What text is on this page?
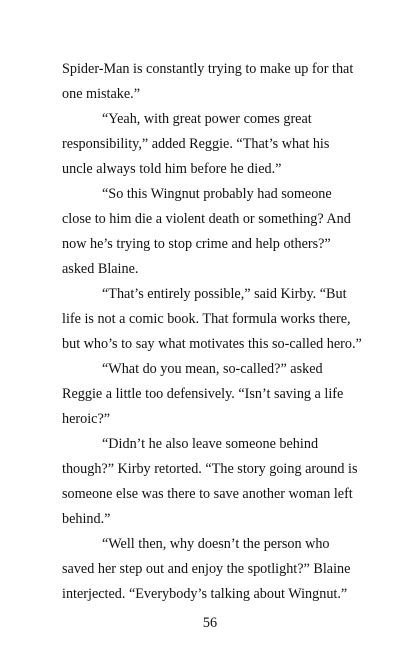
Spider-Man is constantly trying to make up for that one mistake.”

“Yeah, with great power comes great responsibility,” added Reggie. “That’s what his uncle always told him before he died.”

“So this Wingnut probably had someone close to him die a violent death or something? And now he’s trying to stop crime and help others?” asked Blaine.

“That’s entirely possible,” said Kirby. “But life is not a comic book. That formula works there, but who’s to say what motivates this so-called hero.”

“What do you mean, so-called?” asked Reggie a little too defensively. “Isn’t saving a life heroic?”

“Didn’t he also leave someone behind though?” Kirby retorted. “The story going around is someone else was there to save another woman left behind.”

“Well then, why doesn’t the person who saved her step out and enjoy the spotlight?” Blaine interjected. “Everybody’s talking about Wingnut.”

56
